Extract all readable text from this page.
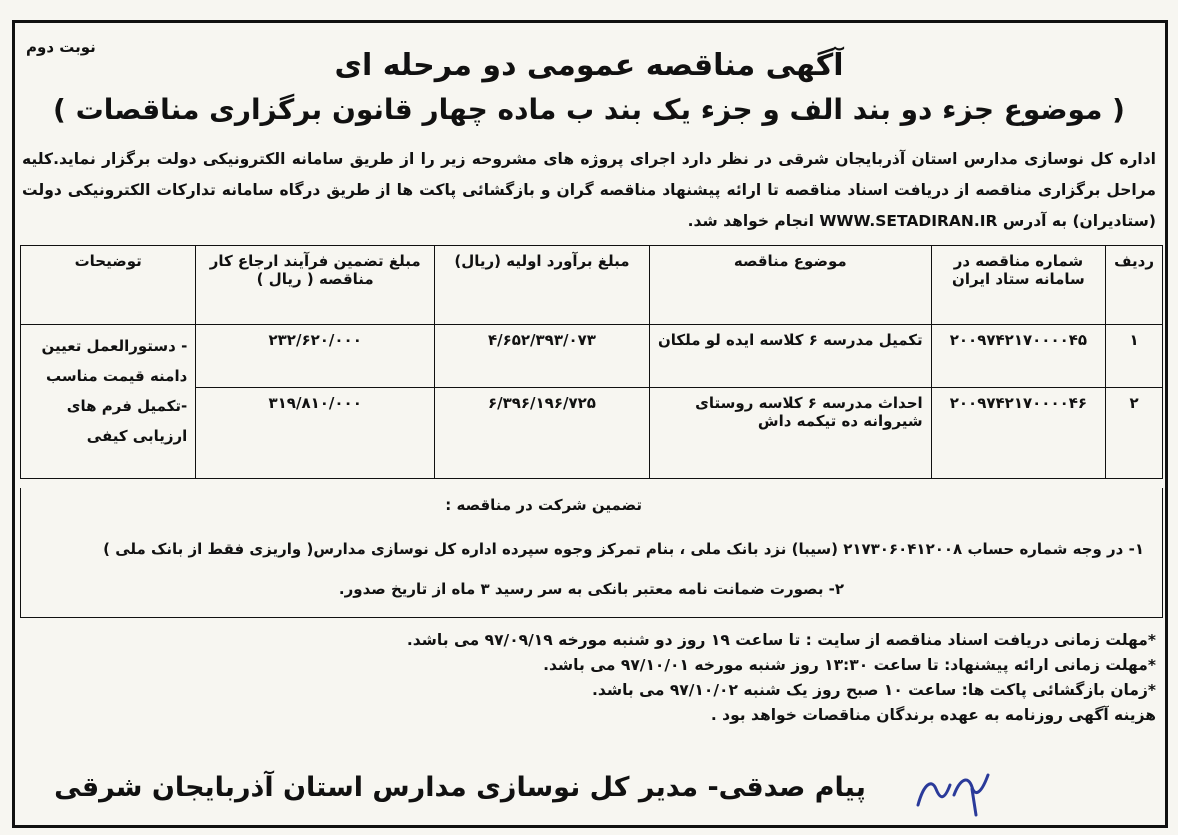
نوبت دوم
آگهی مناقصه عمومی دو مرحله ای
( موضوع جزء دو بند الف و جزء یک بند ب ماده چهار قانون برگزاری مناقصات )
اداره کل نوسازی مدارس استان آذربایجان شرقی در نظر دارد اجرای پروژه های مشروحه زیر را از طریق سامانه الکترونیکی دولت برگزار نماید.کلیه مراحل برگزاری مناقصه از دریافت اسناد مناقصه تا ارائه پیشنهاد مناقصه گران و بازگشائی پاکت ها از طریق درگاه سامانه تدارکات الکترونیکی دولت (ستادیران) به آدرس WWW.SETADIRAN.IR انجام خواهد شد.
ردیف	شماره مناقصه در سامانه ستاد ایران	موضوع مناقصه	مبلغ برآورد اولیه (ریال)	مبلغ تضمین فرآیند ارجاع کار مناقصه ( ریال )	توضیحات
۱	۲۰۰۹۷۴۲۱۷۰۰۰۰۴۵	تکمیل مدرسه ۶ کلاسه ایده لو ملکان	۴/۶۵۲/۳۹۳/۰۷۳	۲۳۲/۶۲۰/۰۰۰	- دستورالعمل تعیین دامنه قیمت مناسب -تکمیل فرم های ارزیابی کیفی
۲	۲۰۰۹۷۴۲۱۷۰۰۰۰۴۶	احداث مدرسه ۶ کلاسه روستای شیروانه ده تیکمه داش	۶/۳۹۶/۱۹۶/۷۲۵	۳۱۹/۸۱۰/۰۰۰	
تضمین شرکت در مناقصه :
۱- در وجه شماره حساب ۲۱۷۳۰۶۰۴۱۲۰۰۸ (سیبا) نزد بانک ملی ، بنام تمرکز وجوه سپرده اداره کل نوسازی مدارس( واریزی فقط از بانک ملی )
۲- بصورت ضمانت نامه معتبر بانکی به سر رسید ۳ ماه از تاریخ صدور.
*مهلت زمانی دریافت اسناد مناقصه از سایت : تا ساعت ۱۹ روز دو شنبه مورخه ۹۷/۰۹/۱۹ می باشد.
*مهلت زمانی ارائه پیشنهاد: تا ساعت ۱۳:۳۰ روز شنبه مورخه ۹۷/۱۰/۰۱ می باشد.
*زمان بازگشائی پاکت ها: ساعت ۱۰ صبح روز یک شنبه ۹۷/۱۰/۰۲ می باشد.
هزینه آگهی روزنامه به عهده برندگان مناقصات خواهد بود .
پیام صدقی- مدیر کل نوسازی مدارس استان آذربایجان شرقی
